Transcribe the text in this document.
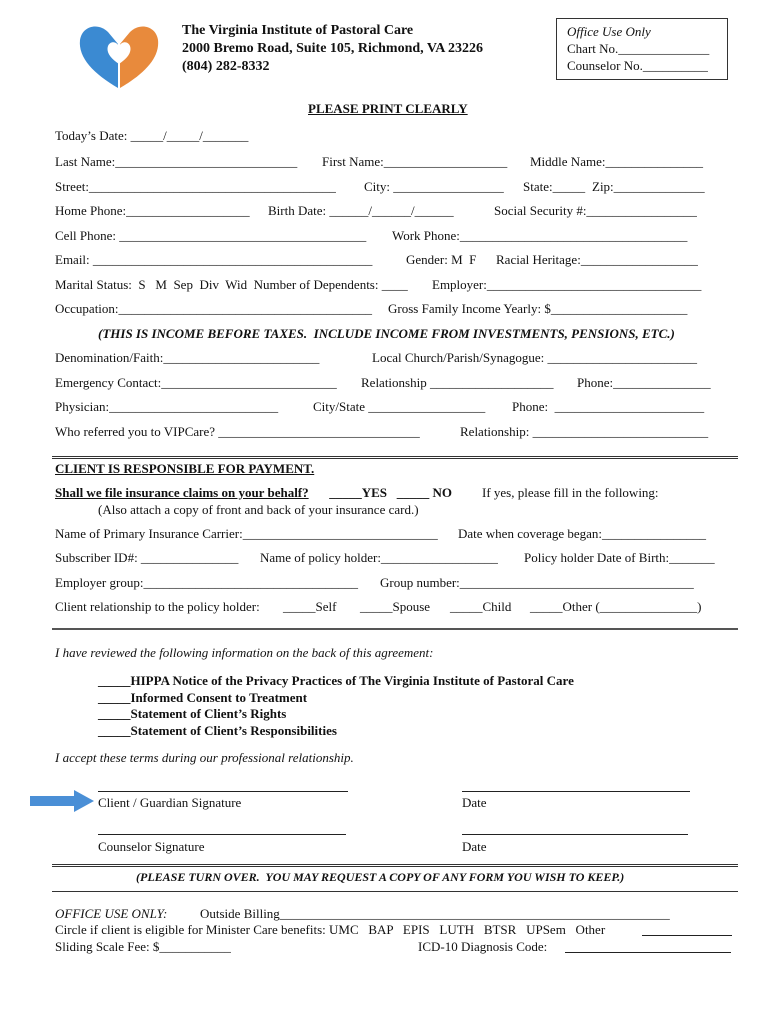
The Virginia Institute of Pastoral Care
2000 Bremo Road, Suite 105, Richmond, VA 23226
(804) 282-8332
Office Use Only
Chart No.______________
Counselor No.__________
PLEASE PRINT CLEARLY
Today’s Date: _____/_____/_______
Last Name:____________________________ First Name:___________________ Middle Name:_______________
Street:______________________________________ City: _________________ State:_____ Zip:______________
Home Phone:___________________ Birth Date: ______/______/______	Social Security #:_________________
Cell Phone: ______________________________________ Work Phone:___________________________________
Email: ___________________________________________	Gender: M  F Racial Heritage:__________________
Marital Status:  S   M  Sep  Div  Wid  Number of Dependents: ____ Employer:_________________________________
Occupation:_______________________________________ Gross Family Income Yearly: $_____________________
(THIS IS INCOME BEFORE TAXES.  INCLUDE INCOME FROM INVESTMENTS, PENSIONS, ETC.)
Denomination/Faith:________________________	Local Church/Parish/Synagogue: _______________________
Emergency Contact:___________________________ Relationship ___________________ Phone:_______________
Physician:__________________________	City/State __________________ Phone:  _______________________
Who referred you to VIPCare? _______________________________	Relationship: ___________________________
CLIENT IS RESPONSIBLE FOR PAYMENT.
Shall we file insurance claims on your behalf? _____YES   _____ NO If yes, please fill in the following:
(Also attach a copy of front and back of your insurance card.)
Name of Primary Insurance Carrier:______________________________ Date when coverage began:________________
Subscriber ID#: _______________ Name of policy holder:__________________ Policy holder Date of Birth:_______
Employer group:_________________________________ Group number:____________________________________
Client relationship to the policy holder: _____Self _____Spouse _____Child _____Other (_______________)
I have reviewed the following information on the back of this agreement:
_____HIPPA Notice of the Privacy Practices of The Virginia Institute of Pastoral Care
_____Informed Consent to Treatment
_____Statement of Client’s Rights
_____Statement of Client’s Responsibilities
I accept these terms during our professional relationship.
Client / Guardian Signature	Date
Counselor Signature	Date
(PLEASE TURN OVER.  YOU MAY REQUEST A COPY OF ANY FORM YOU WISH TO KEEP.)
OFFICE USE ONLY:	Outside Billing____________________________________________________________
Circle if client is eligible for Minister Care benefits: UMC   BAP   EPIS   LUTH   BTSR   UPSem   Other
Sliding Scale Fee: $___________	ICD-10 Diagnosis Code:
